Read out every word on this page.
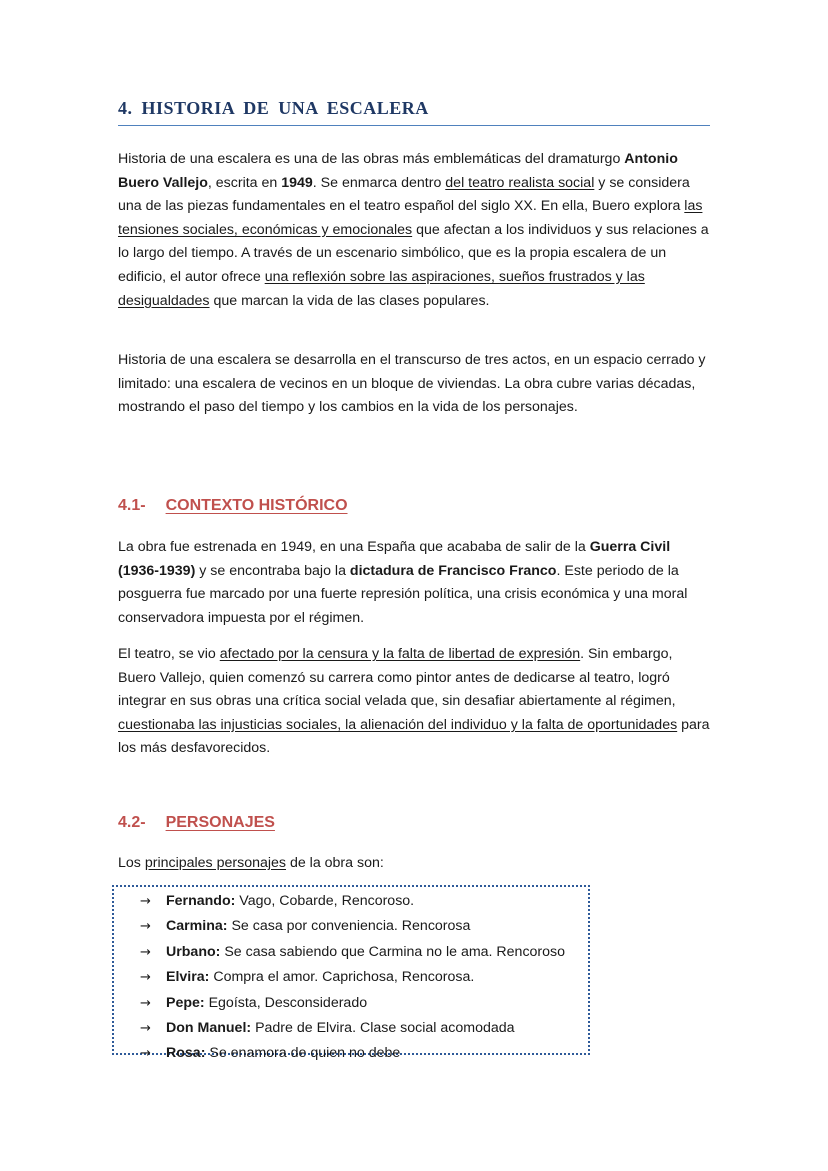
4. HISTORIA DE UNA ESCALERA

Historia de una escalera es una de las obras más emblemáticas del dramaturgo Antonio Buero Vallejo, escrita en 1949. Se enmarca dentro del teatro realista social y se considera una de las piezas fundamentales en el teatro español del siglo XX. En ella, Buero explora las tensiones sociales, económicas y emocionales que afectan a los individuos y sus relaciones a lo largo del tiempo. A través de un escenario simbólico, que es la propia escalera de un edificio, el autor ofrece una reflexión sobre las aspiraciones, sueños frustrados y las desigualdades que marcan la vida de las clases populares.

Historia de una escalera se desarrolla en el transcurso de tres actos, en un espacio cerrado y limitado: una escalera de vecinos en un bloque de viviendas. La obra cubre varias décadas, mostrando el paso del tiempo y los cambios en la vida de los personajes.

4.1- CONTEXTO HISTÓRICO

La obra fue estrenada en 1949, en una España que acababa de salir de la Guerra Civil (1936-1939) y se encontraba bajo la dictadura de Francisco Franco. Este periodo de la posguerra fue marcado por una fuerte represión política, una crisis económica y una moral conservadora impuesta por el régimen.

El teatro, se vio afectado por la censura y la falta de libertad de expresión. Sin embargo, Buero Vallejo, quien comenzó su carrera como pintor antes de dedicarse al teatro, logró integrar en sus obras una crítica social velada que, sin desafiar abiertamente al régimen, cuestionaba las injusticias sociales, la alienación del individuo y la falta de oportunidades para los más desfavorecidos.

4.2- PERSONAJES

Los principales personajes de la obra son:

→ Fernando: Vago, Cobarde, Rencoroso.
→ Carmina: Se casa por conveniencia. Rencorosa
→ Urbano: Se casa sabiendo que Carmina no le ama. Rencoroso
→ Elvira: Compra el amor. Caprichosa, Rencorosa.
→ Pepe: Egoísta, Desconsiderado
→ Don Manuel: Padre de Elvira. Clase social acomodada
→ Rosa: Se enamora de quien no debe
